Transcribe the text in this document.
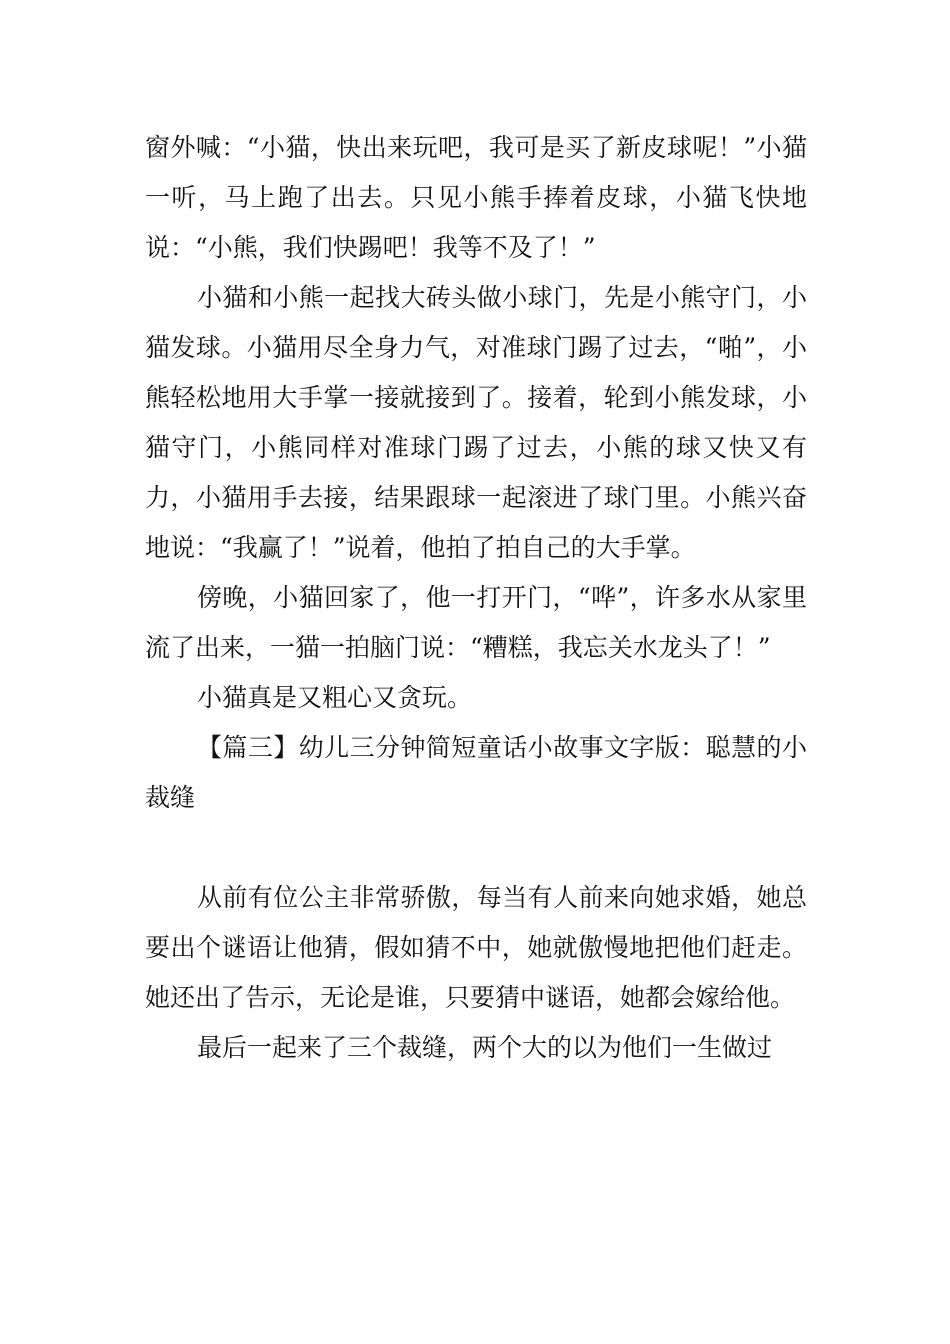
窗外喊：“小猫，快出来玩吧，我可是买了新皮球呢！”小猫一听，马上跑了出去。只见小熊手捧着皮球，小猫飞快地说：“小熊，我们快踢吧！我等不及了！”

小猫和小熊一起找大砖头做小球门，先是小熊守门，小猫发球。小猫用尽全身力气，对准球门踢了过去，“啪”，小熊轻松地用大手掌一接就接到了。接着，轮到小熊发球，小猫守门，小熊同样对准球门踢了过去，小熊的球又快又有力，小猫用手去接，结果跟球一起滚进了球门里。小熊兴奋地说：“我赢了！”说着，他拍了拍自己的大手掌。

傍晚，小猫回家了，他一打开门，“哗”，许多水从家里流了出来，一猫一拍脑门说：“糟糕，我忘关水龙头了！”

小猫真是又粗心又贪玩。

【篇三】幼儿三分钟简短童话小故事文字版：聪慧的小裁缝

从前有位公主非常骄傲，每当有人前来向她求婚，她总要出个谜语让他猜，假如猜不中，她就傲慢地把他们赶走。她还出了告示，无论是谁，只要猜中谜语，她都会嫁给他。

最后一起来了三个裁缝，两个大的以为他们一生做过
